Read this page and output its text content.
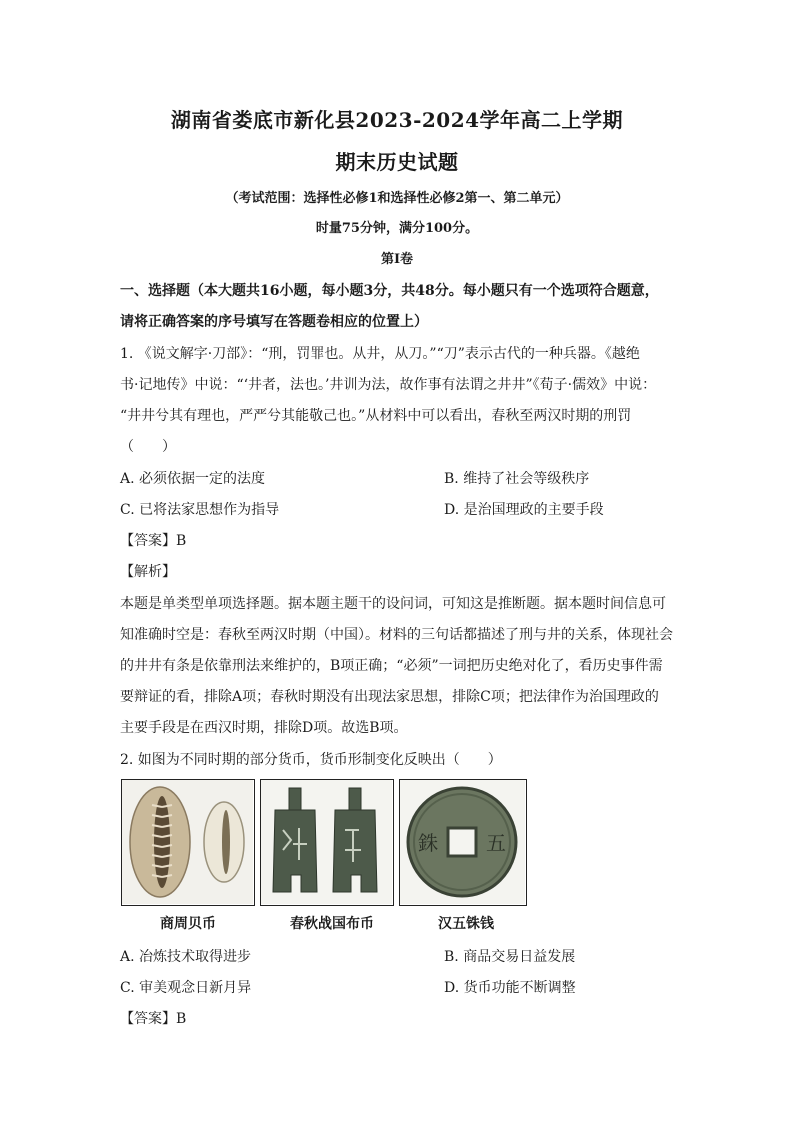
湖南省娄底市新化县2023-2024学年高二上学期
期末历史试题
（考试范围：选择性必修1和选择性必修2第一、第二单元）
时量75分钟，满分100分。
第I卷
一、选择题（本大题共16小题，每小题3分，共48分。每小题只有一个选项符合题意，
请将正确答案的序号填写在答题卷相应的位置上）
1. 《说文解字·刀部》：“刑，罚罪也。从井，从刀。”“刀”表示古代的一种兵器。《越绝
书·记地传》中说：“‘井者，法也。’井训为法，故作事有法谓之井井”《荀子·儒效》中说：
“井井兮其有理也，严严兮其能敬己也。”从材料中可以看出，春秋至两汉时期的刑罚
（　　）
A. 必须依据一定的法度	B. 维持了社会等级秩序
C. 已将法家思想作为指导	D. 是治国理政的主要手段
【答案】B
【解析】
本题是单类型单项选择题。据本题主题干的设问词，可知这是推断题。据本题时间信息可
知准确时空是：春秋至两汉时期（中国）。材料的三句话都描述了刑与井的关系，体现社会
的井井有条是依靠刑法来维护的，B项正确；“必须”一词把历史绝对化了，看历史事件需
要辩证的看，排除A项；春秋时期没有出现法家思想，排除C项；把法律作为治国理政的
主要手段是在西汉时期，排除D项。故选B项。
2. 如图为不同时期的部分货币，货币形制变化反映出（　　）
銖 五
商周贝币	春秋战国布币	汉五铢钱
A. 冶炼技术取得进步	B. 商品交易日益发展
C. 审美观念日新月异	D. 货币功能不断调整
【答案】B
